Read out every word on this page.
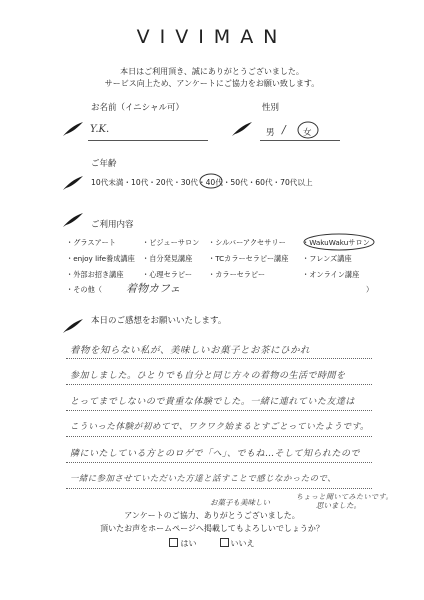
VIVIMAN
本日はご利用頂き、誠にありがとうございました。
サービス向上ため、アンケートにご協力をお願い致します。
お名前（イニシャル可）
Y.K.
性別
男 / 女
ご年齢
10代未満・10代・20代・30代・40代・50代・60代・70代以上
ご利用内容
・グラスアート	・ビジューサロン ・シルバーアクセサリー ・WakuWakuサロン
・enjoy life養成講座 ・自分発見講座 ・TCカラーセラピー講座 ・フレンズ講座
・外部お招き講座	・心理セラピー ・カラーセラピー	・オンライン講座
・その他（ 着物カフェ	）
本日のご感想をお願いいたします。
着物を知らない私が、美味しいお菓子とお茶にひかれ
参加しました。ひとりでも自分と同じ方々の着物の生活で時間を
とってまでしないので貴重な体験でした。一緒に連れていた友達は
こういった体験が初めてで、ワクワク始まるとすごとっていたようです。
隣にいたしている方とのロゲで「へ」、でもね…そして知られたので
一緒に参加させていただいた方達と話すことで感じなかったので、
ちょっと聞いてみたいです。
思いました。
お菓子も美味しい
アンケートのご協力、ありがとうございました。
頂いたお声をホームページへ掲載してもよろしいでしょうか？
はい	いいえ
